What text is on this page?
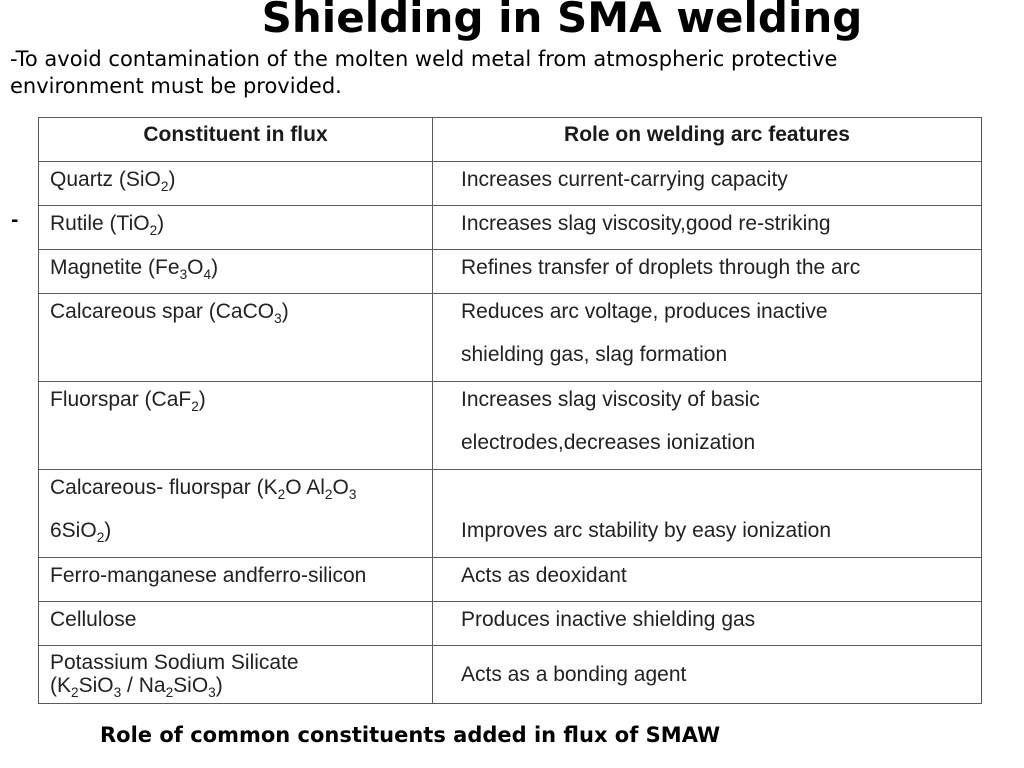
Shielding in SMA welding
-To avoid contamination of the molten weld metal from atmospheric protective environment must be provided.
-
Constituent in flux	Role on welding arc features
Quartz (SiO$_2$)	Increases current-carrying capacity
Rutile (TiO$_2$)	Increases slag viscosity,good re-striking
Magnetite $(Fe_3O_4)$	Refines transfer of droplets through the arc
Calcareous spar (CaCO$_3$)	Reduces arc voltage, produces inactive
shielding gas, slag formation

Fluorspar (CaF$_2$)	Increases slag viscosity of basic
electrodes,decreases ionization

Calcareous- fluorspar ($K_2O$ $Al_2O_3$
6SiO$_2$)	Improves arc stability by easy ionization

Ferro-manganese andferro-silicon	Acts as deoxidant
Cellulose	Produces inactive shielding gas

Potassium Sodium Silicate
$(K_2SiO_3 / Na_2SiO_3)$	Acts as a bonding agent
Role of common constituents added in flux of SMAW
